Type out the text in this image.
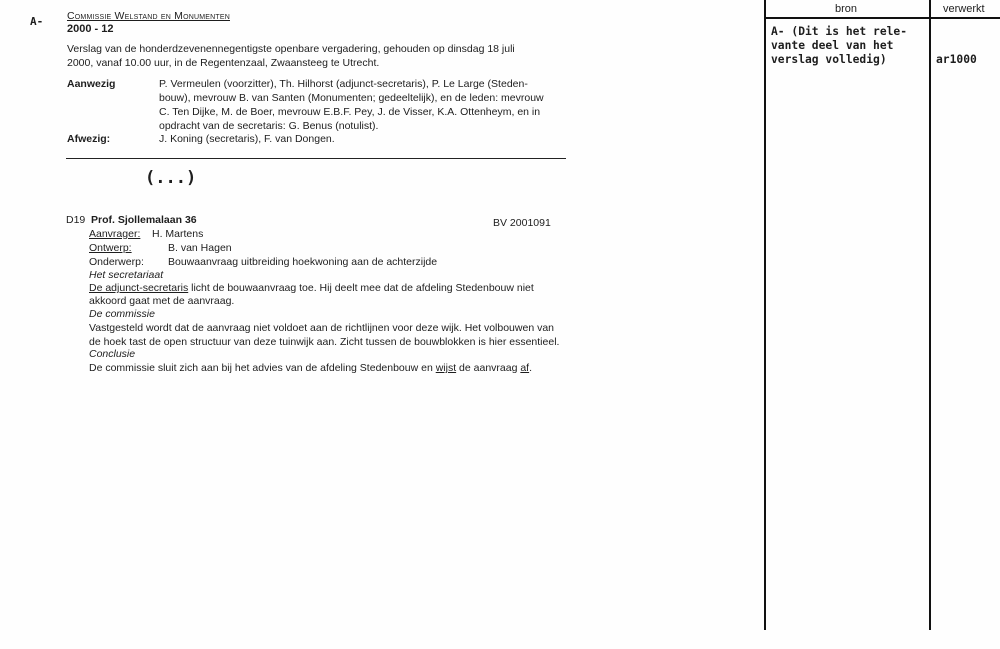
A- Commissie Welstand en Monumenten
2000 - 12
Verslag van de honderdzevenennegentigste openbare vergadering, gehouden op dinsdag 18 juli
2000, vanaf 10.00 uur, in de Regentenzaal, Zwaansteeg te Utrecht.
Aanwezig	P. Vermeulen (voorzitter), Th. Hilhorst (adjunct-secretaris), P. Le Large (Steden-
bouw), mevrouw B. van Santen (Monumenten; gedeeltelijk), en de leden: mevrouw
C. Ten Dijke, M. de Boer, mevrouw E.B.F. Pey, J. de Visser, K.A. Ottenheym, en in
opdracht van de secretaris: G. Benus (notulist).
Afwezig:	J. Koning (secretaris), F. van Dongen.
(...)
D19 Prof. Sjollemalaan 36	BV 2001091
Aanvrager: H. Martens
Ontwerp:	B. van Hagen
Onderwerp: Bouwaanvraag uitbreiding hoekwoning aan de achterzijde
Het secretariaat
De adjunct-secretaris licht de bouwaanvraag toe. Hij deelt mee dat de afdeling Stedenbouw niet
akkoord gaat met de aanvraag.
De commissie
Vastgesteld wordt dat de aanvraag niet voldoet aan de richtlijnen voor deze wijk. Het volbouwen van
de hoek tast de open structuur van deze tuinwijk aan. Zicht tussen de bouwblokken is hier essentieel.
Conclusie
De commissie sluit zich aan bij het advies van de afdeling Stedenbouw en wijst de aanvraag af.
bron	verwerkt
A- (Dit is het rele-
vante deel van het
verslag volledig)	ar1000
